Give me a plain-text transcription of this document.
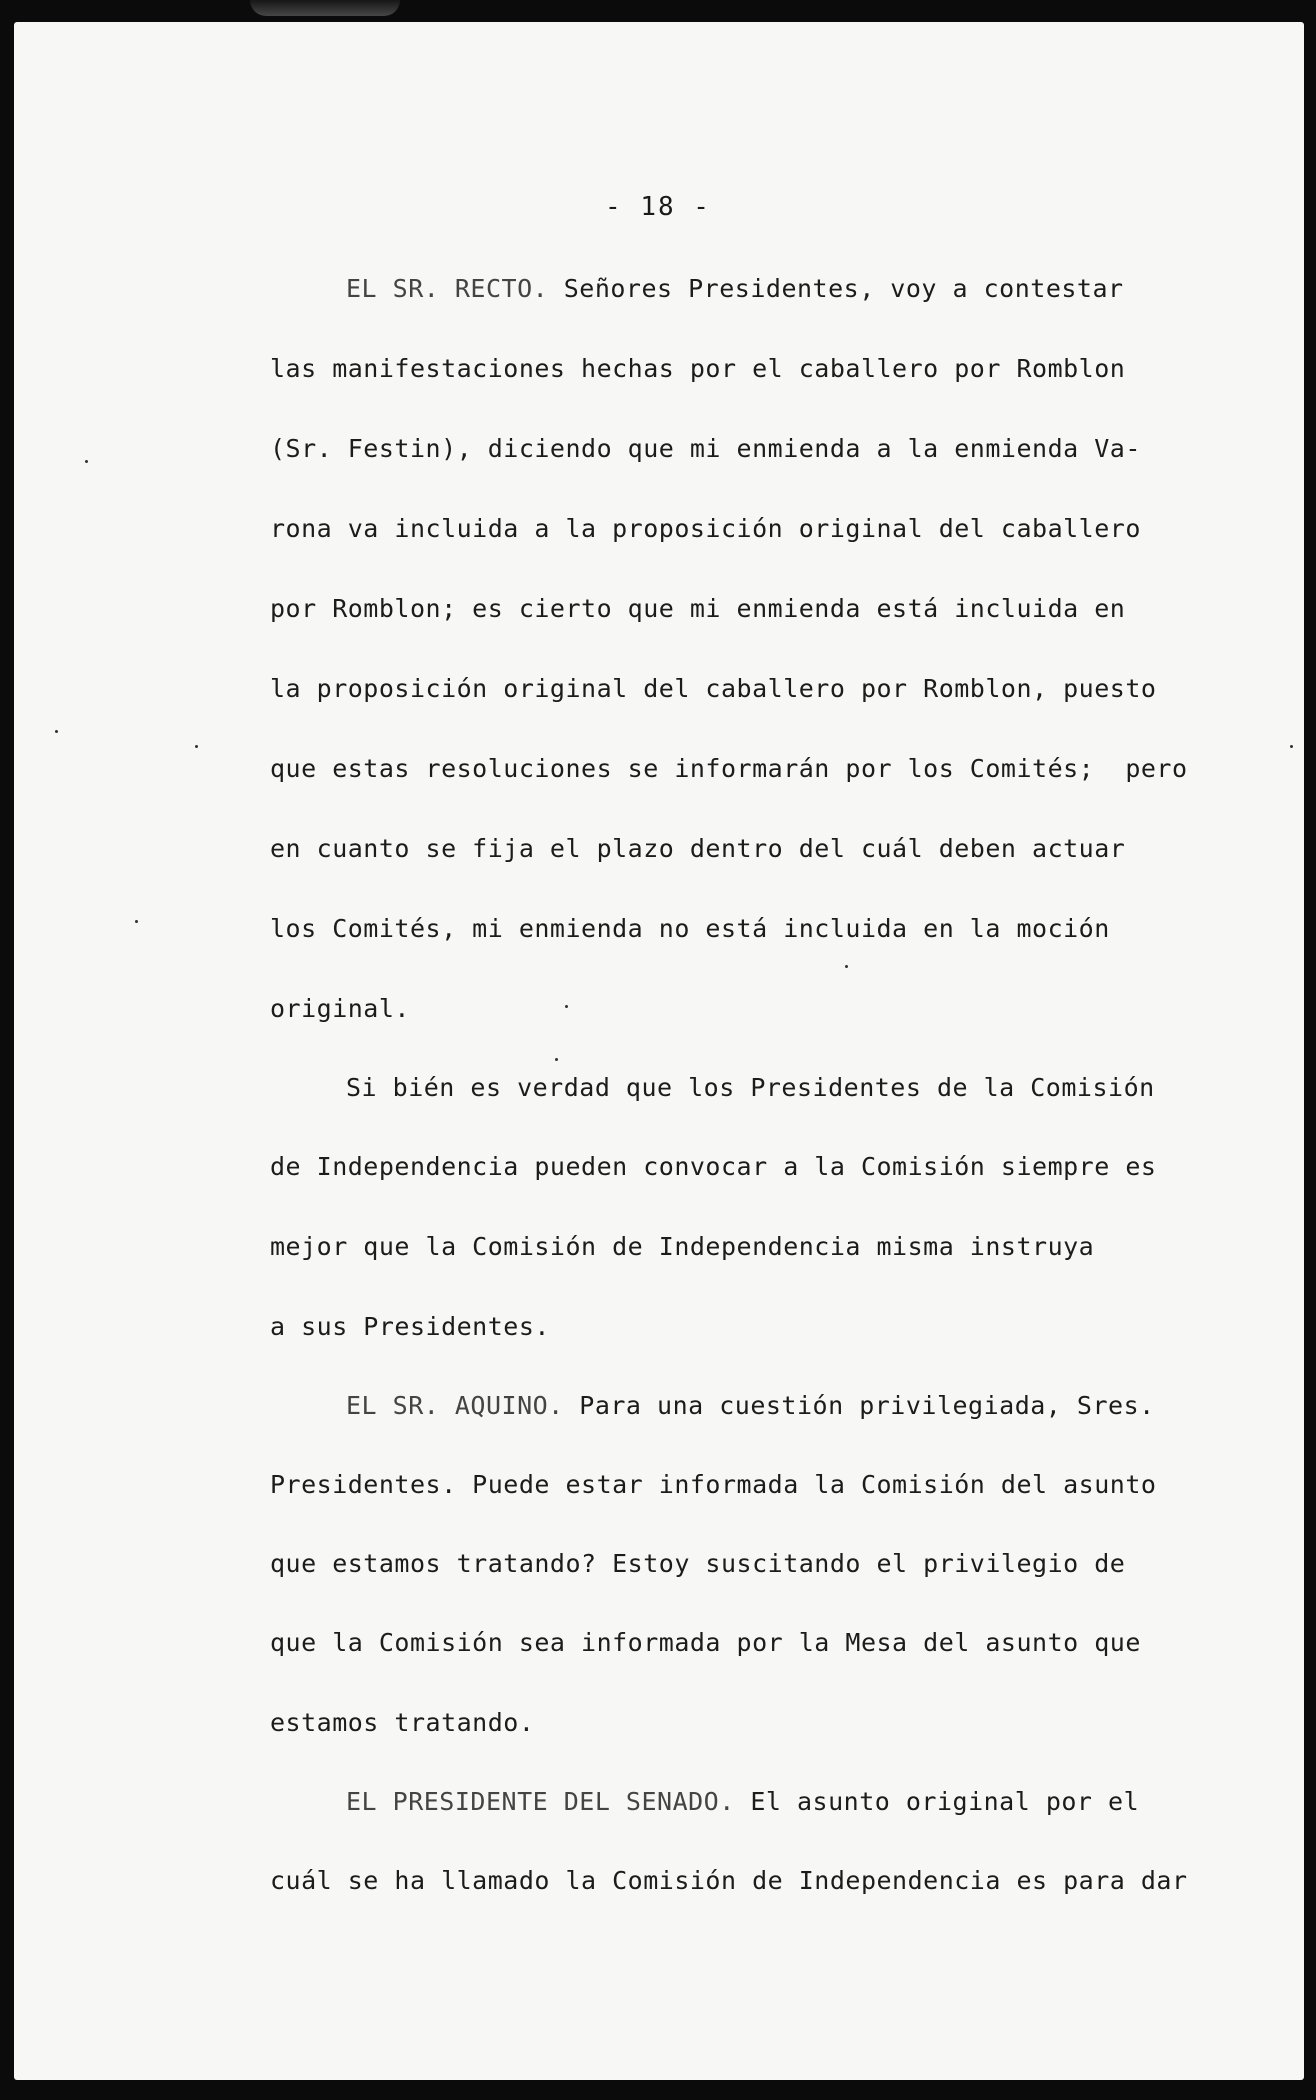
- 18 -
EL SR. RECTO. Señores Presidentes, voy a contestar
las manifestaciones hechas por el caballero por Romblon
(Sr. Festin), diciendo que mi enmienda a la enmienda Va-
rona va incluida a la proposición original del caballero
por Romblon; es cierto que mi enmienda está incluida en
la proposición original del caballero por Romblon, puesto
que estas resoluciones se informarán por los Comités;  pero
en cuanto se fija el plazo dentro del cuál deben actuar
los Comités, mi enmienda no está incluida en la moción
original.
Si bién es verdad que los Presidentes de la Comisión
de Independencia pueden convocar a la Comisión siempre es
mejor que la Comisión de Independencia misma instruya
a sus Presidentes.
EL SR. AQUINO. Para una cuestión privilegiada, Sres.
Presidentes. Puede estar informada la Comisión del asunto
que estamos tratando? Estoy suscitando el privilegio de
que la Comisión sea informada por la Mesa del asunto que
estamos tratando.
EL PRESIDENTE DEL SENADO. El asunto original por el
cuál se ha llamado la Comisión de Independencia es para dar
